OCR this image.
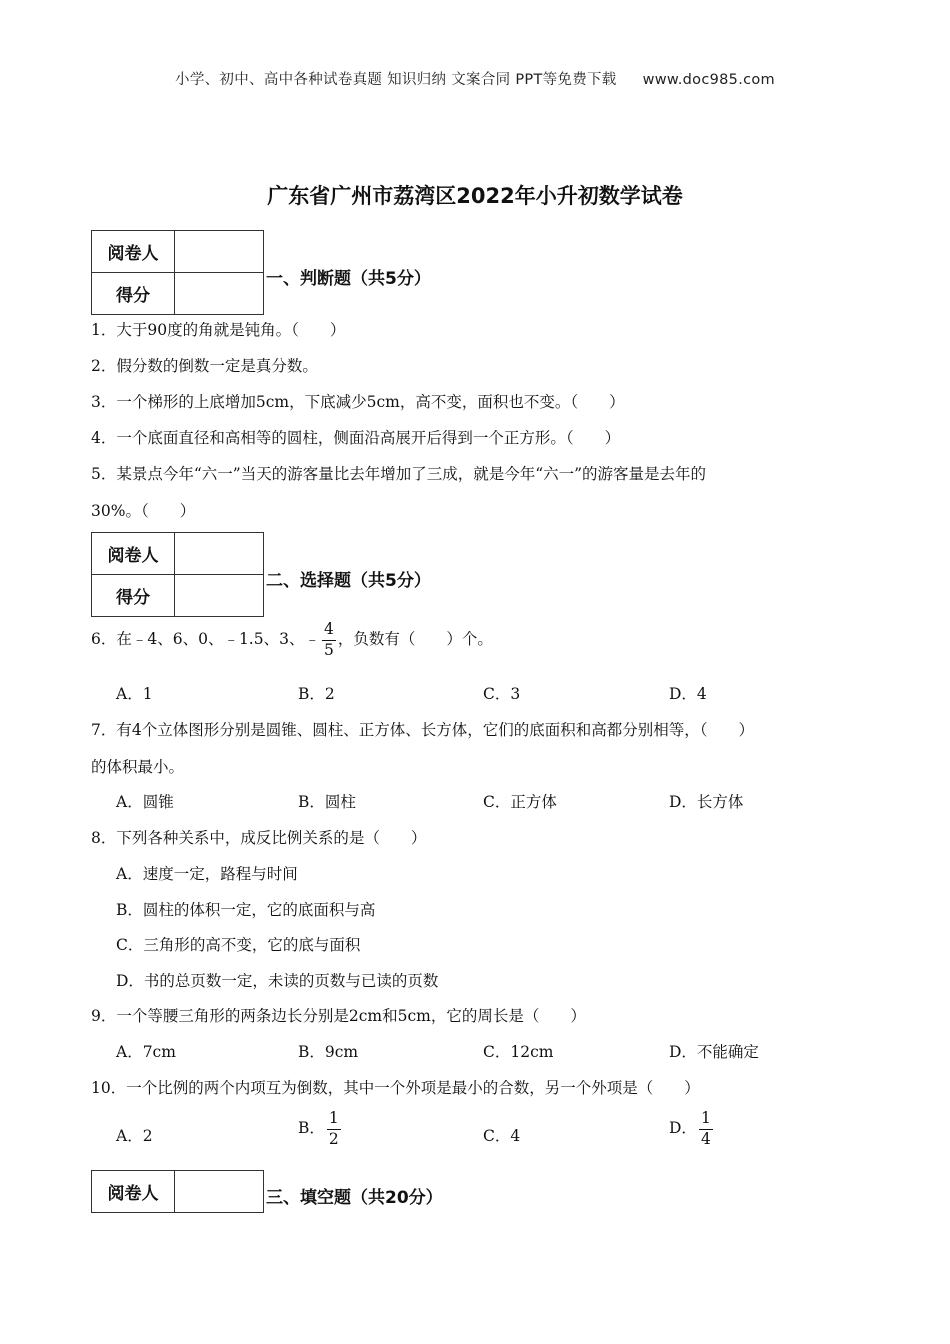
小学、初中、高中各种试卷真题 知识归纳 文案合同 PPT等免费下载 www.doc985.com
广东省广州市荔湾区2022年小升初数学试卷
阅卷人	
得分	
一、判断题（共5分）
1．大于90度的角就是钝角。（　　）
2．假分数的倒数一定是真分数。
3．一个梯形的上底增加5cm，下底减少5cm，高不变，面积也不变。（　　）
4．一个底面直径和高相等的圆柱，侧面沿高展开后得到一个正方形。（　　）
5．某景点今年“六一”当天的游客量比去年增加了三成，就是今年“六一”的游客量是去年的
30%。（　　）
阅卷人	
得分	
二、选择题（共5分）
6．在﹣4、6、0、﹣1.5、3、﹣ $\frac{4}{5}$ ，负数有（　　）个。
A．1	B．2	C．3	D．4
7．有4个立体图形分别是圆锥、圆柱、正方体、长方体，它们的底面积和高都分别相等，（　　）
的体积最小。
A．圆锥	B．圆柱	C．正方体	D．长方体
8．下列各种关系中，成反比例关系的是（　　）
A．速度一定，路程与时间
B．圆柱的体积一定，它的底面积与高
C．三角形的高不变，它的底与面积
D．书的总页数一定，未读的页数与已读的页数
9．一个等腰三角形的两条边长分别是2cm和5cm，它的周长是（　　）
A．7cm	B．9cm	C．12cm	D．不能确定
10．一个比例的两个内项互为倒数，其中一个外项是最小的合数，另一个外项是（　　）
A．2	B． $\frac{1}{2}$	C．4	D． $\frac{1}{4}$
阅卷人		三、填空题（共20分）
